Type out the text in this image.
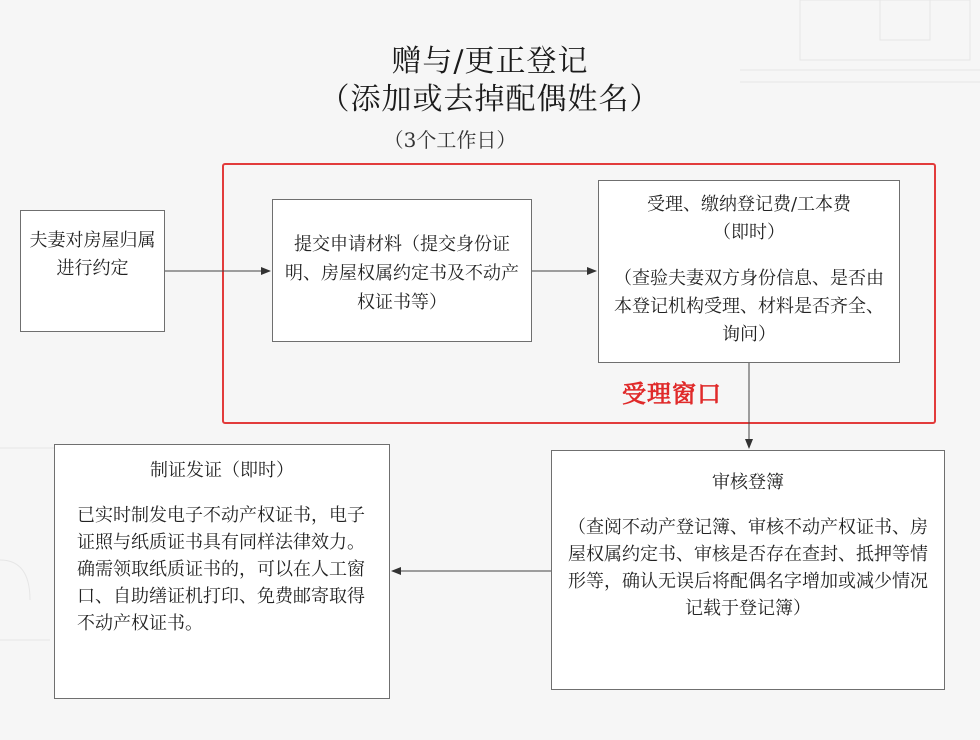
赠与/更正登记
（添加或去掉配偶姓名）
（3个工作日）
受理窗口
夫妻对房屋归属进行约定
提交申请材料（提交身份证明、房屋权属约定书及不动产权证书等）
受理、缴纳登记费/工本费
（即时）
（查验夫妻双方身份信息、是否由本登记机构受理、材料是否齐全、询问）
审核登簿
（查阅不动产登记簿、审核不动产权证书、房屋权属约定书、审核是否存在查封、抵押等情形等，确认无误后将配偶名字增加或减少情况记载于登记簿）
制证发证（即时）
已实时制发电子不动产权证书，电子证照与纸质证书具有同样法律效力。确需领取纸质证书的，可以在人工窗口、自助缮证机打印、免费邮寄取得不动产权证书。
